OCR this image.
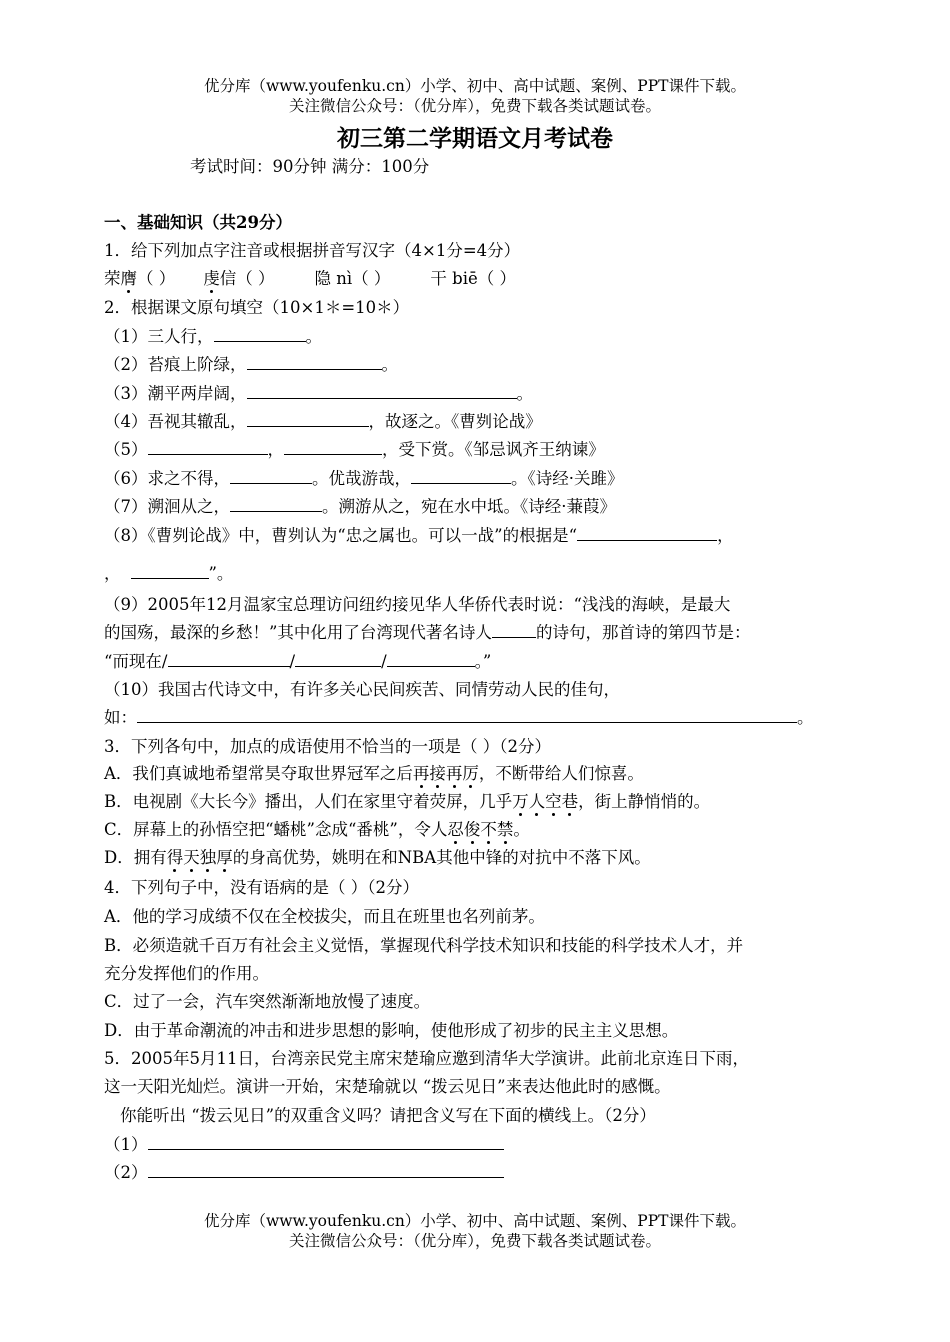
优分库（www.youfenku.cn）小学、初中、高中试题、案例、PPT课件下载。
关注微信公众号：（优分库），免费下载各类试题试卷。
初三第二学期语文月考试卷
考试时间：90分钟 满分：100分
一、基础知识（共29分）
1．给下列加点字注音或根据拼音写汉字（4×1分=4分）
荣膺（ ） 虔信（ ） 隐 nì（ ） 干 biē（ ）
2．根据课文原句填空（10×1＊=10＊）
（1）三人行，	。
（2）苔痕上阶绿，	。
（3）潮平两岸阔，	。
（4）吾视其辙乱，	，故逐之。《曹刿论战》
（5）	，	，受下赏。《邹忌讽齐王纳谏》
（6）求之不得，	。优哉游哉，	。《诗经·关雎》
（7）溯洄从之，	。溯游从之，宛在水中坻。《诗经·蒹葭》
（8）《曹刿论战》中，曹刿认为“忠之属也。可以一战”的根据是“	，
，	”。
（9）2005年12月温家宝总理访问纽约接见华人华侨代表时说：“浅浅的海峡，是最大
的国殇，最深的乡愁！”其中化用了台湾现代著名诗人	的诗句，那首诗的第四节是：
“而现在/	/	/	。”
（10）我国古代诗文中，有许多关心民间疾苦、同情劳动人民的佳句，
如：	。
3．下列各句中，加点的成语使用不恰当的一项是（ ）（2分）
A．我们真诚地希望常昊夺取世界冠军之后再接再厉，不断带给人们惊喜。
B．电视剧《大长今》播出，人们在家里守着荧屏，几乎万人空巷，街上静悄悄的。
C．屏幕上的孙悟空把“蟠桃”念成“番桃”，令人忍俊不禁。
D．拥有得天独厚的身高优势，姚明在和NBA其他中锋的对抗中不落下风。
4．下列句子中，没有语病的是（ ）（2分）
A．他的学习成绩不仅在全校拔尖，而且在班里也名列前茅。
B．必须造就千百万有社会主义觉悟，掌握现代科学技术知识和技能的科学技术人才，并
充分发挥他们的作用。
C．过了一会，汽车突然渐渐地放慢了速度。
D．由于革命潮流的冲击和进步思想的影响，使他形成了初步的民主主义思想。
5．2005年5月11日，台湾亲民党主席宋楚瑜应邀到清华大学演讲。此前北京连日下雨，
这一天阳光灿烂。演讲一开始，宋楚瑜就以 “拨云见日”来表达他此时的感慨。
你能听出 “拨云见日”的双重含义吗？请把含义写在下面的横线上。（2分）
（1）
（2）
优分库（www.youfenku.cn）小学、初中、高中试题、案例、PPT课件下载。
关注微信公众号：（优分库），免费下载各类试题试卷。
